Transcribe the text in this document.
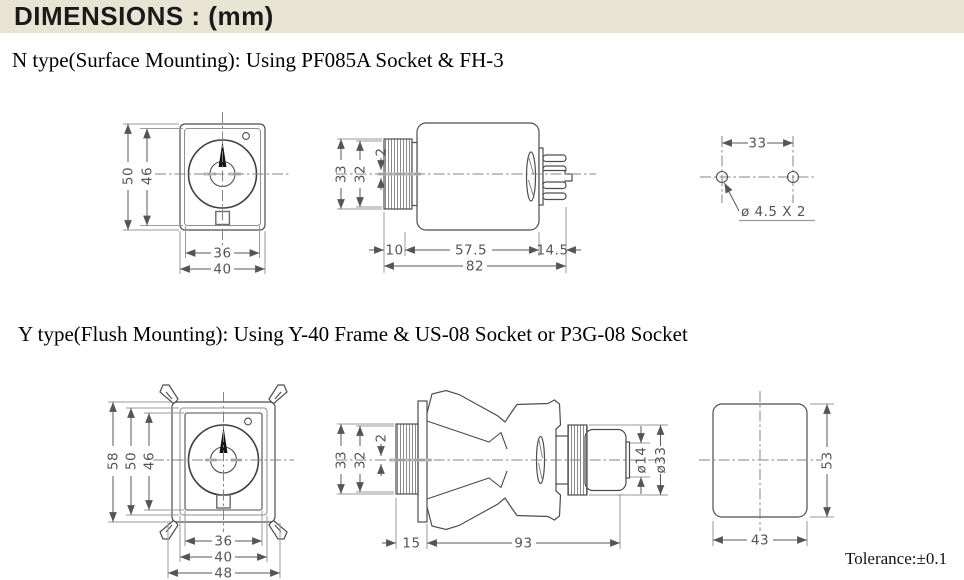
50 46
36
40
33 32
2
10	57.5	14.5
82
33
ø 4.5 X 2
58 50 46
36
40
48
33 32
2
ø14 ø33
15	93
53
43
DIMENSIONS : (mm)
N type(Surface Mounting): Using PF085A Socket & FH-3
Y type(Flush Mounting): Using Y-40 Frame & US-08 Socket or P3G-08 Socket
Tolerance:±0.1
